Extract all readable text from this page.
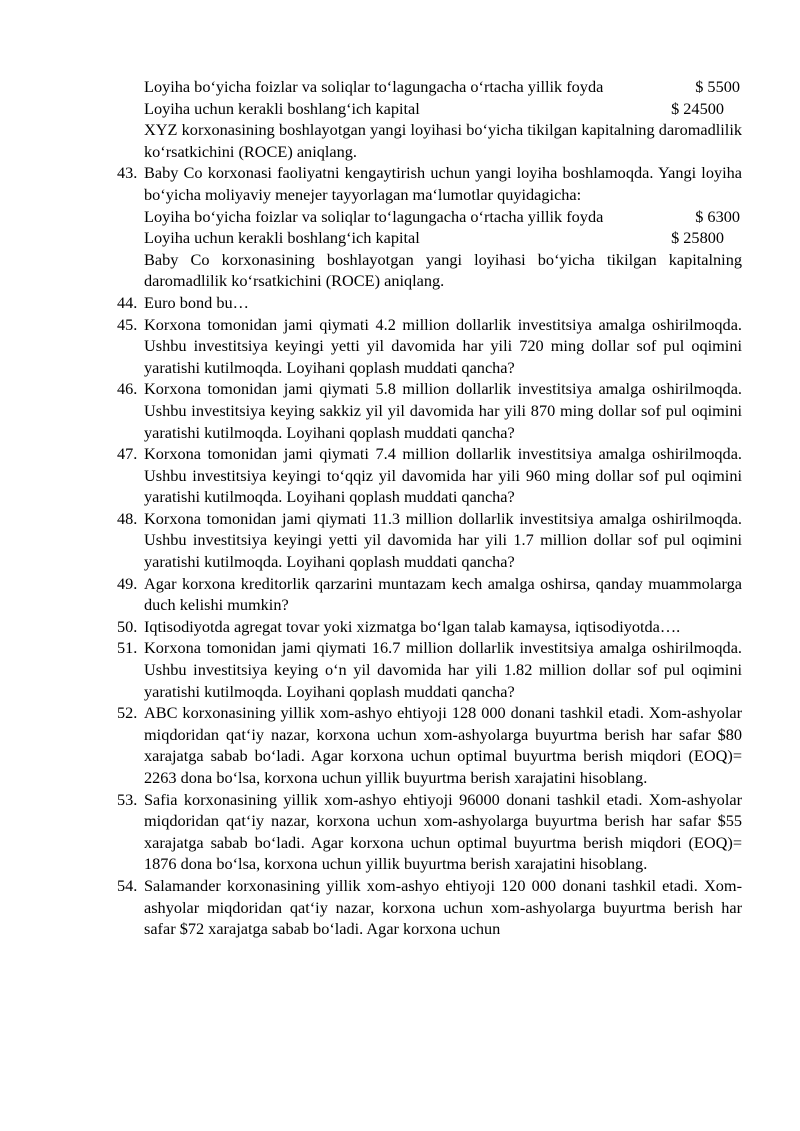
Loyiha bo‘yicha foizlar va soliqlar to‘lagungacha o‘rtacha yillik foyda	$ 5500
Loyiha uchun kerakli boshlang‘ich kapital	$ 24500
XYZ korxonasining boshlayotgan yangi loyihasi bo‘yicha tikilgan kapitalning daromadlilik ko‘rsatkichini (ROCE) aniqlang.
43. Baby Co korxonasi faoliyatni kengaytirish uchun yangi loyiha boshlamoqda. Yangi loyiha bo‘yicha moliyaviy menejer tayyorlagan ma‘lumotlar quyidagicha:
Loyiha bo‘yicha foizlar va soliqlar to‘lagungacha o‘rtacha yillik foyda	$ 6300
Loyiha uchun kerakli boshlang‘ich kapital	$ 25800
Baby Co korxonasining boshlayotgan yangi loyihasi bo‘yicha tikilgan kapitalning daromadlilik ko‘rsatkichini (ROCE) aniqlang.
44. Euro bond bu…
45. Korxona tomonidan jami qiymati 4.2 million dollarlik investitsiya amalga oshirilmoqda. Ushbu investitsiya keyingi yetti yil davomida har yili 720 ming dollar sof pul oqimini yaratishi kutilmoqda. Loyihani qoplash muddati qancha?
46. Korxona tomonidan jami qiymati 5.8 million dollarlik investitsiya amalga oshirilmoqda. Ushbu investitsiya keying sakkiz yil yil davomida har yili 870 ming dollar sof pul oqimini yaratishi kutilmoqda. Loyihani qoplash muddati qancha?
47. Korxona tomonidan jami qiymati 7.4 million dollarlik investitsiya amalga oshirilmoqda. Ushbu investitsiya keyingi to‘qqiz yil davomida har yili 960 ming dollar sof pul oqimini yaratishi kutilmoqda. Loyihani qoplash muddati qancha?
48. Korxona tomonidan jami qiymati 11.3 million dollarlik investitsiya amalga oshirilmoqda. Ushbu investitsiya keyingi yetti yil davomida har yili 1.7 million dollar sof pul oqimini yaratishi kutilmoqda. Loyihani qoplash muddati qancha?
49. Agar korxona kreditorlik qarzarini muntazam kech amalga oshirsa, qanday muammolarga duch kelishi mumkin?
50. Iqtisodiyotda agregat tovar yoki xizmatga bo‘lgan talab kamaysa, iqtisodiyotda….
51. Korxona tomonidan jami qiymati 16.7 million dollarlik investitsiya amalga oshirilmoqda. Ushbu investitsiya keying o‘n yil davomida har yili 1.82 million dollar sof pul oqimini yaratishi kutilmoqda. Loyihani qoplash muddati qancha?
52. ABC korxonasining yillik xom-ashyo ehtiyoji 128 000 donani tashkil etadi. Xom-ashyolar miqdoridan qat‘iy nazar, korxona uchun xom-ashyolarga buyurtma berish har safar $80 xarajatga sabab bo‘ladi. Agar korxona uchun optimal buyurtma berish miqdori (EOQ)= 2263 dona bo‘lsa, korxona uchun yillik buyurtma berish xarajatini hisoblang.
53. Safia korxonasining yillik xom-ashyo ehtiyoji 96000 donani tashkil etadi. Xom-ashyolar miqdoridan qat‘iy nazar, korxona uchun xom-ashyolarga buyurtma berish har safar $55 xarajatga sabab bo‘ladi. Agar korxona uchun optimal buyurtma berish miqdori (EOQ)= 1876 dona bo‘lsa, korxona uchun yillik buyurtma berish xarajatini hisoblang.
54. Salamander korxonasining yillik xom-ashyo ehtiyoji 120 000 donani tashkil etadi. Xom-ashyolar miqdoridan qat‘iy nazar, korxona uchun xom-ashyolarga buyurtma berish har safar $72 xarajatga sabab bo‘ladi. Agar korxona uchun
